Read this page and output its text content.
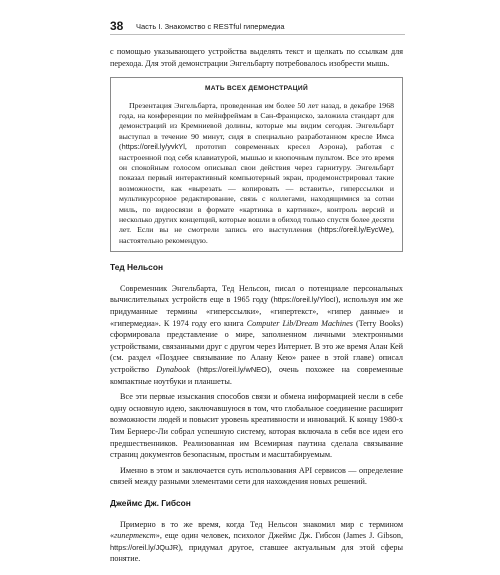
38 Часть I. Знакомство с RESTful гипермедиа

с помощью указывающего устройства выделять текст и щелкать по ссылкам для перехода. Для этой демонстрации Энгельбарту потребовалось изобрести мышь.

МАТЬ ВСЕХ ДЕМОНСТРАЦИЙ

Презентация Энгельбарта, проведенная им более 50 лет назад, в декабре 1968 года, на конференции по мейнфреймам в Сан-Франциско, заложила стандарт для демонстраций из Кремниевой долины, которые мы видим сегодня. Энгельбарт выступал в течение 90 минут, сидя в специально разработанном кресле Имса (https://oreil.ly/yvkYl, прототип современных кресел Аэрона), работая с настроенной под себя клавиатурой, мышью и кнопочным пультом. Все это время он спокойным голосом описывал свои действия через гарнитуру. Энгельбарт показал первый интерактивный компьютерный экран, продемонстрировал такие возможности, как «вырезать — копировать — вставить», гиперссылки и мультикурсорное редактирование, связь с коллегами, находящимися за сотни миль, по видеосвязи в формате «картинка в картинке», контроль версий и несколько других концепций, которые вошли в обиход только спустя более десяти лет. Если вы не смотрели запись его выступления (https://oreil.ly/EycWe), настоятельно рекомендую.

Тед Нельсон

Современник Энгельбарта, Тед Нельсон, писал о потенциале персональных вычислительных устройств еще в 1965 году (https://oreil.ly/YlocI), используя им же придуманные термины «гиперссылки», «гипертекст», «гипер данные» и «гипермедиа». К 1974 году его книга Computer Lib/Dream Machines (Terry Books) сформировала представление о мире, заполненном личными электронными устройствами, связанными друг с другом через Интернет. В это же время Алан Кей (см. раздел «Позднее связывание по Алану Кею» ранее в этой главе) описал устройство Dynabook (https://oreil.ly/wNEO), очень похожее на современные компактные ноутбуки и планшеты.

Все эти первые изыскания способов связи и обмена информацией несли в себе одну основную идею, заключавшуюся в том, что глобальное соединение расширит возможности людей и повысит уровень креативности и инноваций. К концу 1980-х Тим Бернерс-Ли собрал успешную систему, которая включала в себя все идеи его предшественников. Реализованная им Всемирная паутина сделала связывание страниц документов безопасным, простым и масштабируемым.

Именно в этом и заключается суть использования API сервисов — определение связей между разными элементами сети для нахождения новых решений.

Джеймс Дж. Гибсон

Примерно в то же время, когда Тед Нельсон знакомил мир с термином «гипертекст», еще один человек, психолог Джеймс Дж. Гибсон (James J. Gibson, https://oreil.ly/JQuJR), придумал другое, ставшее актуальным для этой сферы понятие.
